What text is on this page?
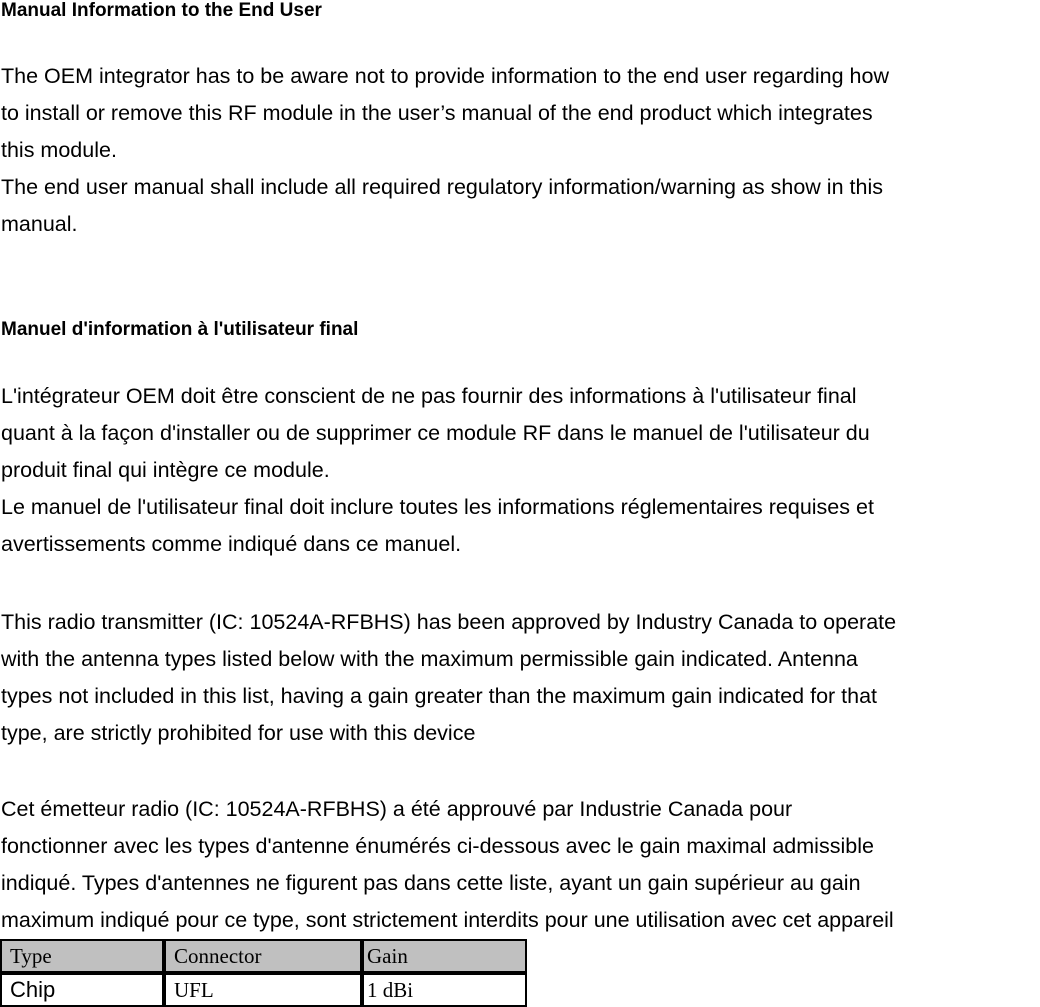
Manual Information to the End User
The OEM integrator has to be aware not to provide information to the end user regarding how
to install or remove this RF module in the user’s manual of the end product which integrates
this module.
The end user manual shall include all required regulatory information/warning as show in this
manual.
Manuel d'information à l'utilisateur final
L'intégrateur OEM doit être conscient de ne pas fournir des informations à l'utilisateur final
quant à la façon d'installer ou de supprimer ce module RF dans le manuel de l'utilisateur du
produit final qui intègre ce module.
Le manuel de l'utilisateur final doit inclure toutes les informations réglementaires requises et
avertissements comme indiqué dans ce manuel.
This radio transmitter (IC: 10524A-RFBHS) has been approved by Industry Canada to operate
with the antenna types listed below with the maximum permissible gain indicated. Antenna
types not included in this list, having a gain greater than the maximum gain indicated for that
type, are strictly prohibited for use with this device
Cet émetteur radio (IC: 10524A-RFBHS) a été approuvé par Industrie Canada pour
fonctionner avec les types d'antenne énumérés ci-dessous avec le gain maximal admissible
indiqué. Types d'antennes ne figurent pas dans cette liste, ayant un gain supérieur au gain
maximum indiqué pour ce type, sont strictement interdits pour une utilisation avec cet appareil
Type	Connector	Gain
Chip	UFL	1 dBi
